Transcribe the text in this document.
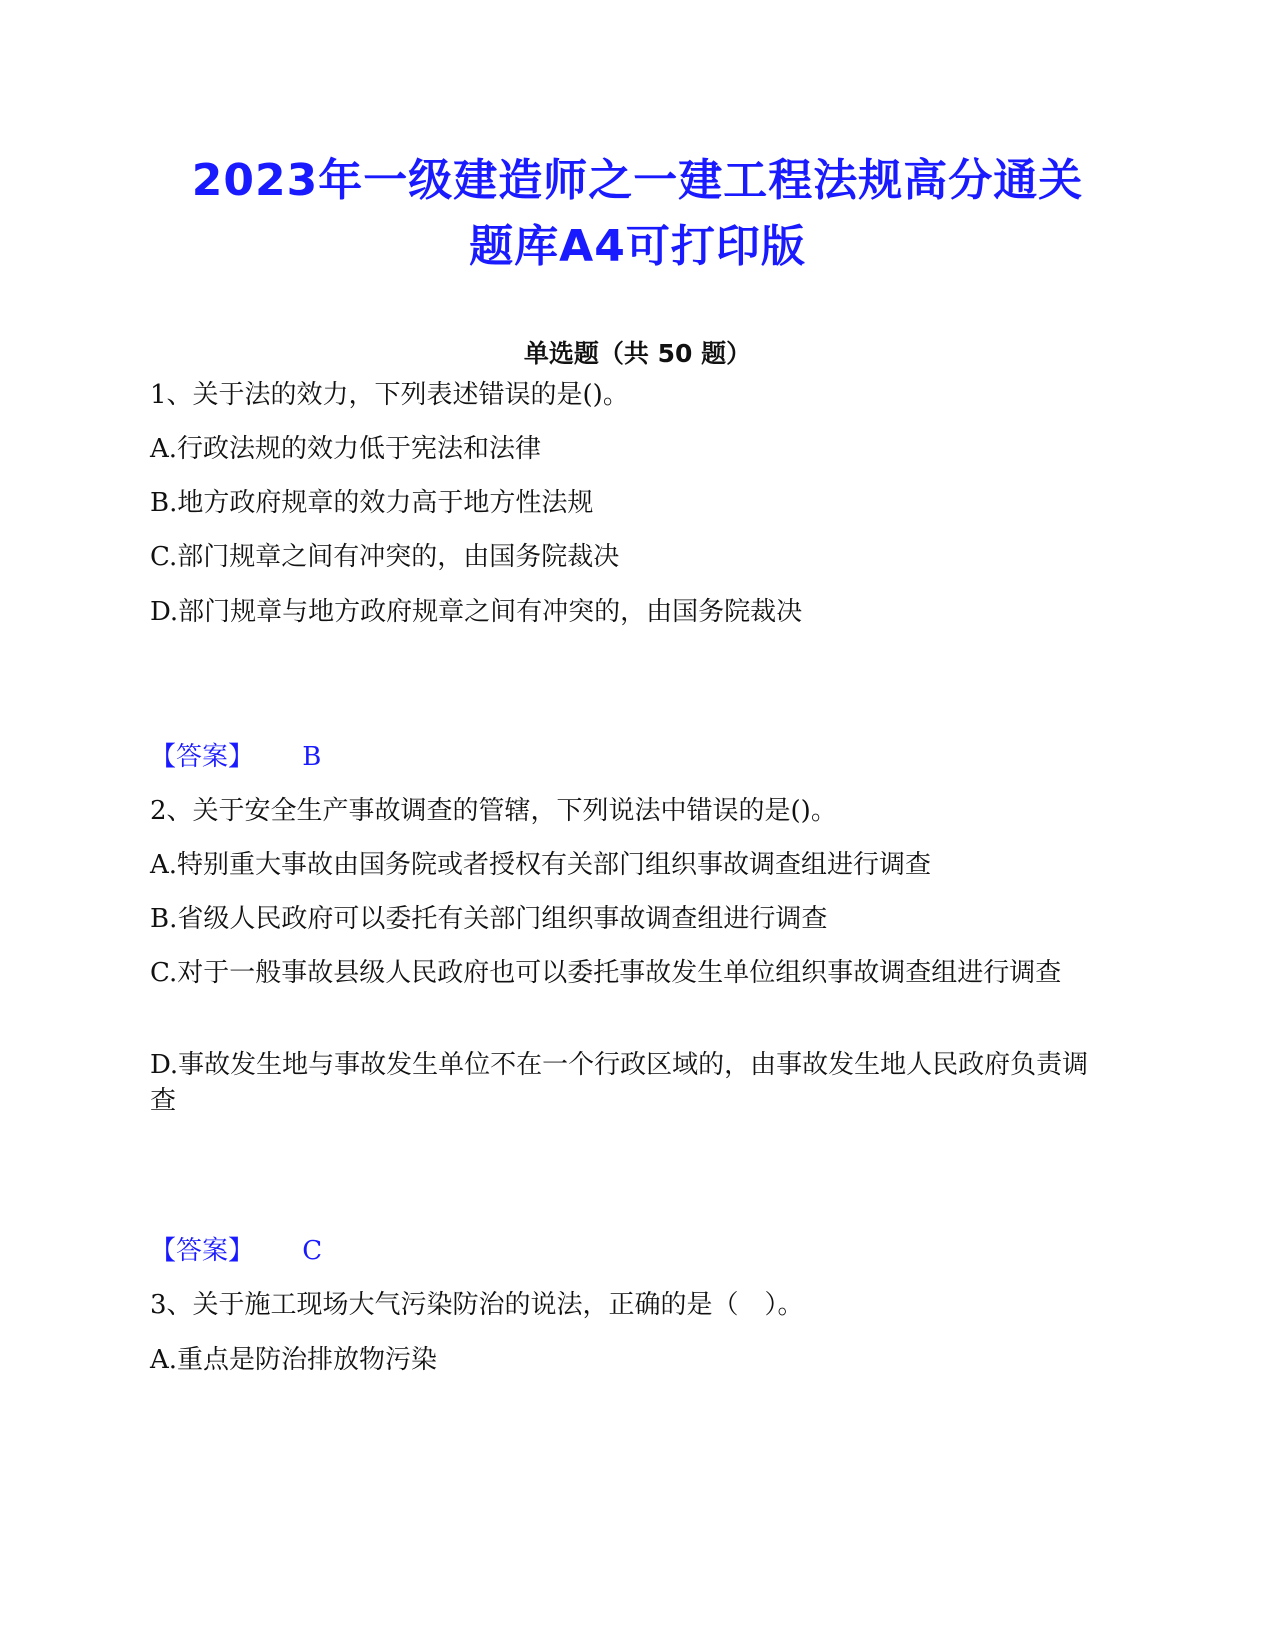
2023年一级建造师之一建工程法规高分通关
题库A4可打印版
单选题（共 50 题）
1、关于法的效力，下列表述错误的是()。
A.行政法规的效力低于宪法和法律
B.地方政府规章的效力高于地方性法规
C.部门规章之间有冲突的，由国务院裁决
D.部门规章与地方政府规章之间有冲突的，由国务院裁决
【答案】 B
2、关于安全生产事故调查的管辖，下列说法中错误的是()。
A.特别重大事故由国务院或者授权有关部门组织事故调查组进行调查
B.省级人民政府可以委托有关部门组织事故调查组进行调查
C.对于一般事故县级人民政府也可以委托事故发生单位组织事故调查组进行调查
D.事故发生地与事故发生单位不在一个行政区域的，由事故发生地人民政府负责调查
【答案】 C
3、关于施工现场大气污染防治的说法，正确的是（　）。
A.重点是防治排放物污染
